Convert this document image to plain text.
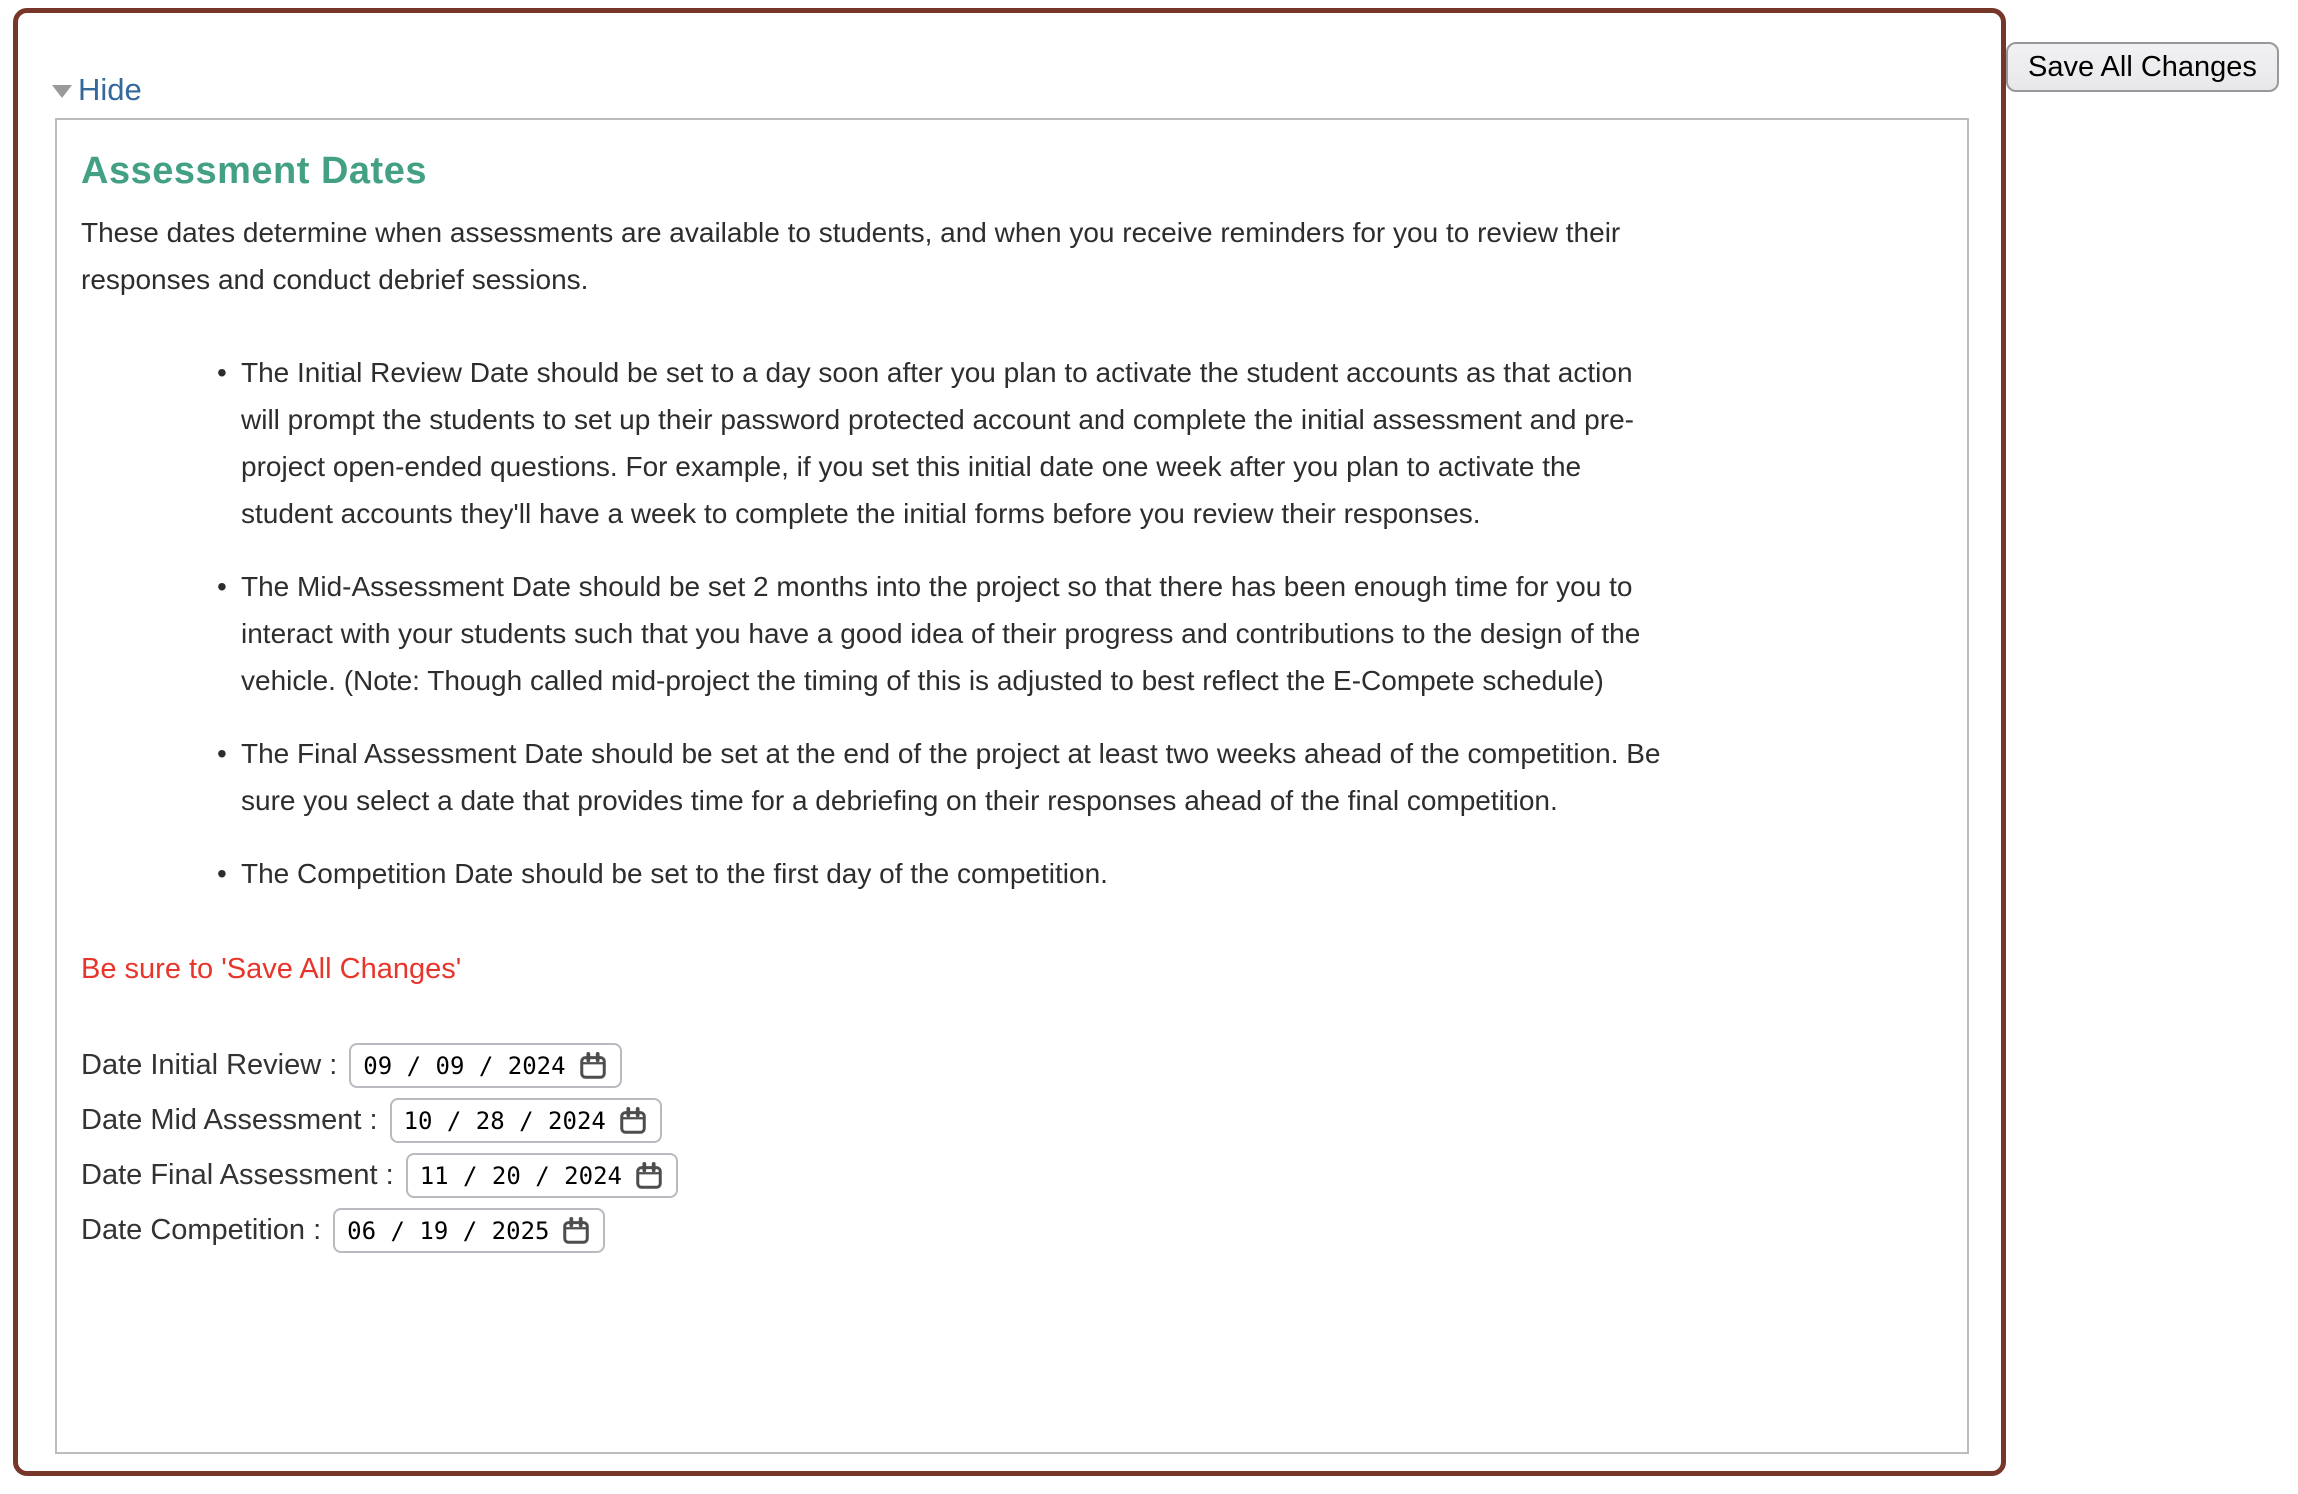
Save All Changes
Hide
Assessment Dates

These dates determine when assessments are available to students, and when you receive reminders for you to review their responses and conduct debrief sessions.

• The Initial Review Date should be set to a day soon after you plan to activate the student accounts as that action will prompt the students to set up their password protected account and complete the initial assessment and pre-project open-ended questions. For example, if you set this initial date one week after you plan to activate the student accounts they'll have a week to complete the initial forms before you review their responses.
• The Mid-Assessment Date should be set 2 months into the project so that there has been enough time for you to interact with your students such that you have a good idea of their progress and contributions to the design of the vehicle. (Note: Though called mid-project the timing of this is adjusted to best reflect the E-Compete schedule)
• The Final Assessment Date should be set at the end of the project at least two weeks ahead of the competition. Be sure you select a date that provides time for a debriefing on their responses ahead of the final competition.
• The Competition Date should be set to the first day of the competition.

Be sure to 'Save All Changes'

Date Initial Review : 09 / 09 / 2024
Date Mid Assessment : 10 / 28 / 2024
Date Final Assessment : 11 / 20 / 2024
Date Competition : 06 / 19 / 2025
